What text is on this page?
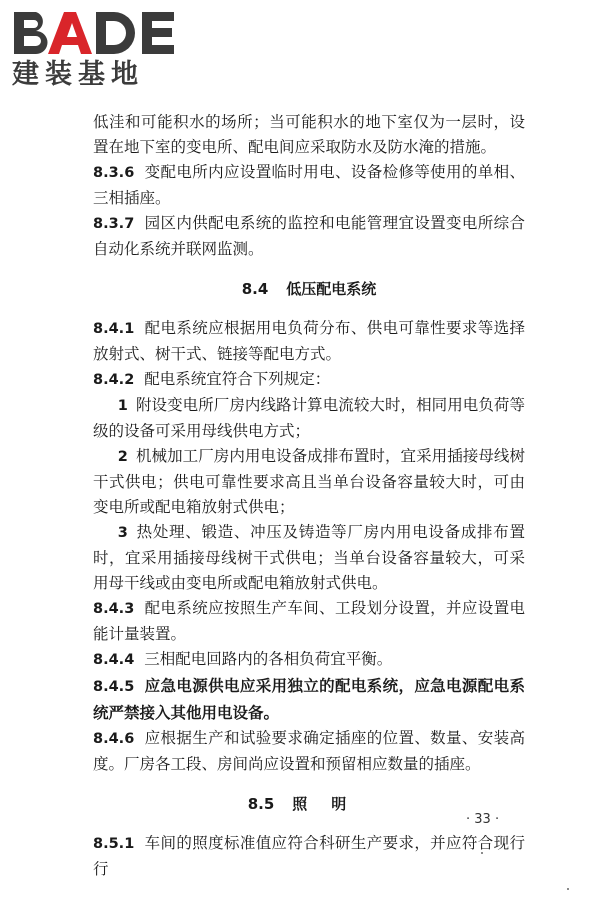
建装基地

低洼和可能积水的场所；当可能积水的地下室仅为一层时，设置在地下室的变电所、配电间应采取防水及防水淹的措施。

8.3.6 变配电所内应设置临时用电、设备检修等使用的单相、三相插座。

8.3.7 园区内供配电系统的监控和电能管理宜设置变电所综合自动化系统并联网监测。

8.4 低压配电系统

8.4.1 配电系统应根据用电负荷分布、供电可靠性要求等选择放射式、树干式、链接等配电方式。

8.4.2 配电系统宜符合下列规定：

1 附设变电所厂房内线路计算电流较大时，相同用电负荷等级的设备可采用母线供电方式；

2 机械加工厂房内用电设备成排布置时，宜采用插接母线树干式供电；供电可靠性要求高且当单台设备容量较大时，可由变电所或配电箱放射式供电；

3 热处理、锻造、冲压及铸造等厂房内用电设备成排布置时，宜采用插接母线树干式供电；当单台设备容量较大，可采用母干线或由变电所或配电箱放射式供电。

8.4.3 配电系统应按照生产车间、工段划分设置，并应设置电能计量装置。

8.4.4 三相配电回路内的各相负荷宜平衡。

8.4.5 应急电源供电应采用独立的配电系统，应急电源配电系统严禁接入其他用电设备。

8.4.6 应根据生产和试验要求确定插座的位置、数量、安装高度。厂房各工段、房间尚应设置和预留相应数量的插座。

8.5 照明

8.5.1 车间的照度标准值应符合科研生产要求，并应符合现行行

· 33 ·
